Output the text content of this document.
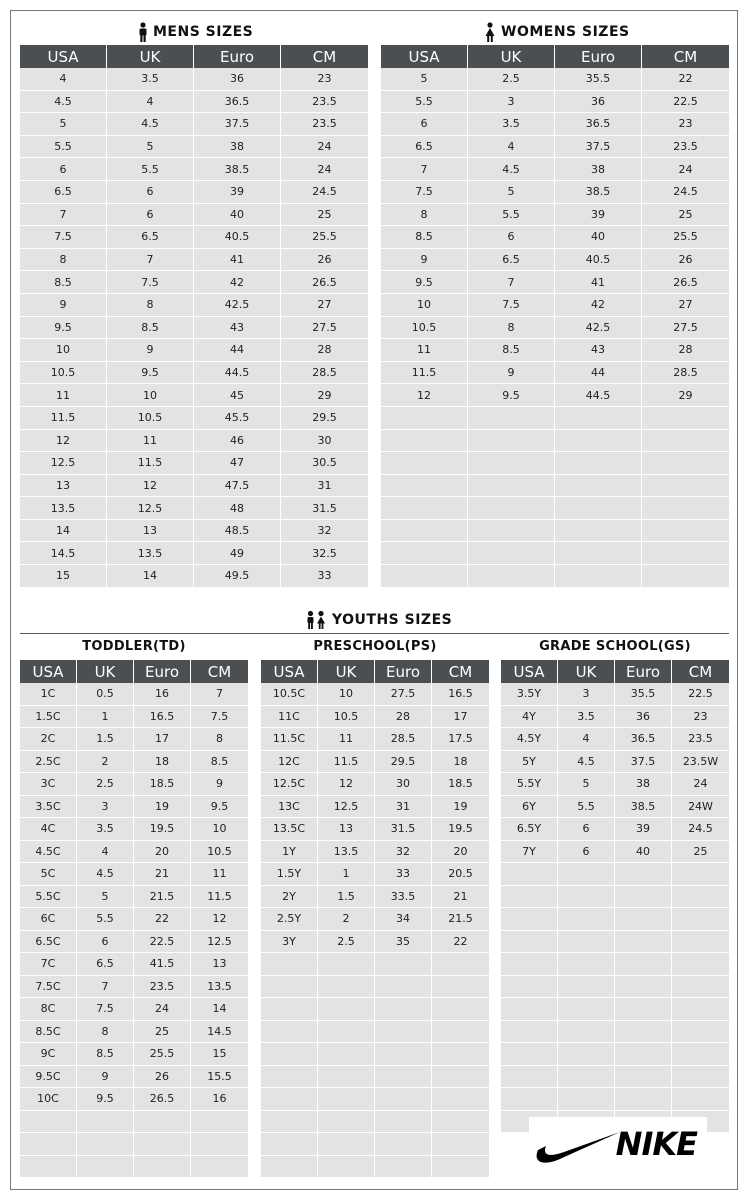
MENS SIZES
USA	UK	Euro	CM
4	3.5	36	23
4.5	4	36.5	23.5
5	4.5	37.5	23.5
5.5	5	38	24
6	5.5	38.5	24
6.5	6	39	24.5
7	6	40	25
7.5	6.5	40.5	25.5
8	7	41	26
8.5	7.5	42	26.5
9	8	42.5	27
9.5	8.5	43	27.5
10	9	44	28
10.5	9.5	44.5	28.5
11	10	45	29
11.5	10.5	45.5	29.5
12	11	46	30
12.5	11.5	47	30.5
13	12	47.5	31
13.5	12.5	48	31.5
14	13	48.5	32
14.5	13.5	49	32.5
15	14	49.5	33
WOMENS SIZES
USA	UK	Euro	CM
5	2.5	35.5	22
5.5	3	36	22.5
6	3.5	36.5	23
6.5	4	37.5	23.5
7	4.5	38	24
7.5	5	38.5	24.5
8	5.5	39	25
8.5	6	40	25.5
9	6.5	40.5	26
9.5	7	41	26.5
10	7.5	42	27
10.5	8	42.5	27.5
11	8.5	43	28
11.5	9	44	28.5
12	9.5	44.5	29

YOUTHS SIZES
TODDLER(TD)	PRESCHOOL(PS)	GRADE SCHOOL(GS)
USA	UK	Euro	CM
1C	0.5	16	7
1.5C	1	16.5	7.5
2C	1.5	17	8
2.5C	2	18	8.5
3C	2.5	18.5	9
3.5C	3	19	9.5
4C	3.5	19.5	10
4.5C	4	20	10.5
5C	4.5	21	11
5.5C	5	21.5	11.5
6C	5.5	22	12
6.5C	6	22.5	12.5
7C	6.5	41.5	13
7.5C	7	23.5	13.5
8C	7.5	24	14
8.5C	8	25	14.5
9C	8.5	25.5	15
9.5C	9	26	15.5
10C	9.5	26.5	16

USA	UK	Euro	CM
10.5C	10	27.5	16.5
11C	10.5	28	17
11.5C	11	28.5	17.5
12C	11.5	29.5	18
12.5C	12	30	18.5
13C	12.5	31	19
13.5C	13	31.5	19.5
1Y	13.5	32	20
1.5Y	1	33	20.5
2Y	1.5	33.5	21
2.5Y	2	34	21.5
3Y	2.5	35	22

USA	UK	Euro	CM
3.5Y	3	35.5	22.5
4Y	3.5	36	23
4.5Y	4	36.5	23.5
5Y	4.5	37.5	23.5W
5.5Y	5	38	24
6Y	5.5	38.5	24W
6.5Y	6	39	24.5
7Y	6	40	25

NIKE
